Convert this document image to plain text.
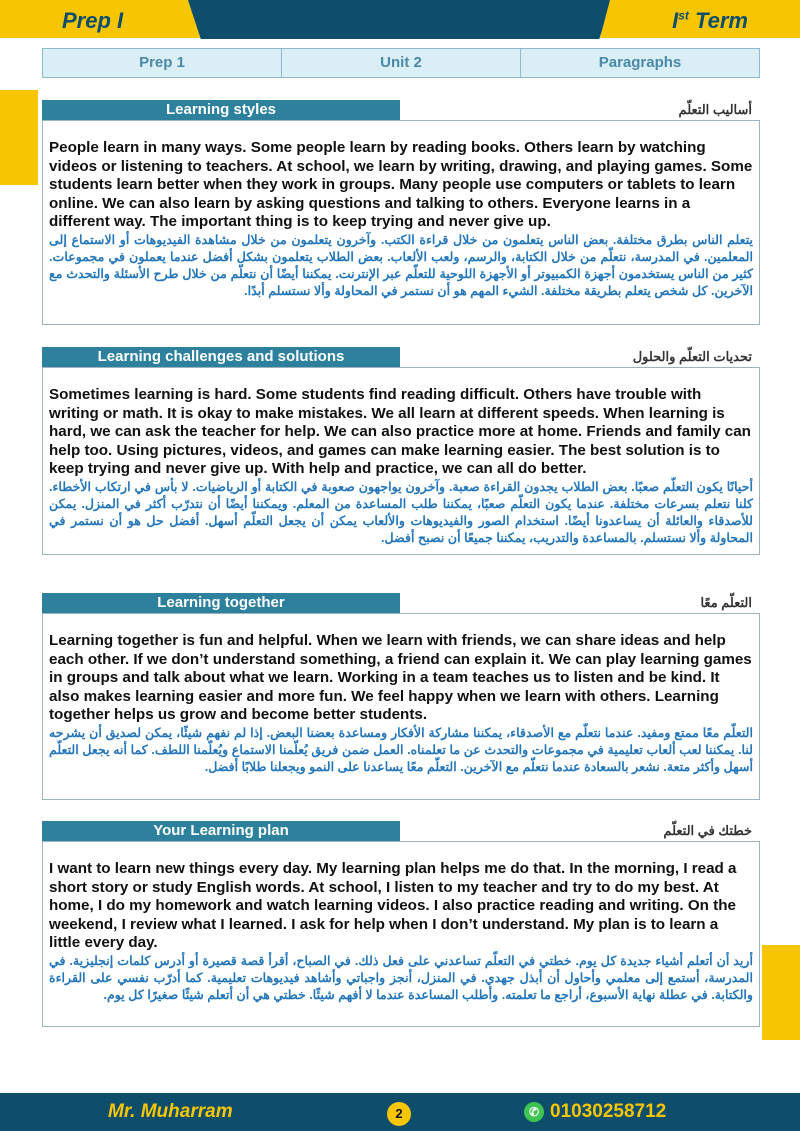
Prep I	Ist Term
Prep 1	Unit 2	Paragraphs
Learning styles	أساليب التعلّم

People learn in many ways. Some people learn by reading books. Others learn by watching videos or listening to teachers. At school, we learn by writing, drawing, and playing games. Some students learn better when they work in groups. Many people use computers or tablets to learn online. We can also learn by asking questions and talking to others. Everyone learns in a different way. The important thing is to keep trying and never give up.

يتعلم الناس بطرق مختلفة. بعض الناس يتعلمون من خلال قراءة الكتب. وآخرون يتعلمون من خلال مشاهدة الفيديوهات أو الاستماع إلى المعلمين. في المدرسة، نتعلّم من خلال الكتابة، والرسم، ولعب الألعاب. بعض الطلاب يتعلمون بشكل أفضل عندما يعملون في مجموعات. كثير من الناس يستخدمون أجهزة الكمبيوتر أو الأجهزة اللوحية للتعلّم عبر الإنترنت. يمكننا أيضًا أن نتعلّم من خلال طرح الأسئلة والتحدث مع الآخرين. كل شخص يتعلم بطريقة مختلفة. الشيء المهم هو أن نستمر في المحاولة وألا نستسلم أبدًا.

Learning challenges and solutions	تحديات التعلّم والحلول

Sometimes learning is hard. Some students find reading difficult. Others have trouble with writing or math. It is okay to make mistakes. We all learn at different speeds. When learning is hard, we can ask the teacher for help. We can also practice more at home. Friends and family can help too. Using pictures, videos, and games can make learning easier. The best solution is to keep trying and never give up. With help and practice, we can all do better.

أحيانًا يكون التعلّم صعبًا. بعض الطلاب يجدون القراءة صعبة. وآخرون يواجهون صعوبة في الكتابة أو الرياضيات. لا بأس في ارتكاب الأخطاء. كلنا نتعلم بسرعات مختلفة. عندما يكون التعلّم صعبًا، يمكننا طلب المساعدة من المعلم. ويمكننا أيضًا أن نتدرّب أكثر في المنزل. يمكن للأصدقاء والعائلة أن يساعدونا أيضًا. استخدام الصور والفيديوهات والألعاب يمكن أن يجعل التعلّم أسهل. أفضل حل هو أن نستمر في المحاولة وألا نستسلم. بالمساعدة والتدريب، يمكننا جميعًا أن نصبح أفضل.

Learning together	التعلّم معًا

Learning together is fun and helpful. When we learn with friends, we can share ideas and help each other. If we don’t understand something, a friend can explain it. We can play learning games in groups and talk about what we learn. Working in a team teaches us to listen and be kind. It also makes learning easier and more fun. We feel happy when we learn with others. Learning together helps us grow and become better students.

التعلّم معًا ممتع ومفيد. عندما نتعلّم مع الأصدقاء، يمكننا مشاركة الأفكار ومساعدة بعضنا البعض. إذا لم نفهم شيئًا، يمكن لصديق أن يشرحه لنا. يمكننا لعب ألعاب تعليمية في مجموعات والتحدث عن ما تعلمناه. العمل ضمن فريق يُعلّمنا الاستماع ويُعلّمنا اللطف. كما أنه يجعل التعلّم أسهل وأكثر متعة. نشعر بالسعادة عندما نتعلّم مع الآخرين. التعلّم معًا يساعدنا على النمو ويجعلنا طلابًا أفضل.

Your Learning plan	خطتك في التعلّم

I want to learn new things every day. My learning plan helps me do that. In the morning, I read a short story or study English words. At school, I listen to my teacher and try to do my best. At home, I do my homework and watch learning videos. I also practice reading and writing. On the weekend, I review what I learned. I ask for help when I don’t understand. My plan is to learn a little every day.

أريد أن أتعلم أشياء جديدة كل يوم. خطتي في التعلّم تساعدني على فعل ذلك. في الصباح، أقرأ قصة قصيرة أو أدرس كلمات إنجليزية. في المدرسة، أستمع إلى معلمي وأحاول أن أبذل جهدي. في المنزل، أنجز واجباتي وأشاهد فيديوهات تعليمية. كما أدرّب نفسي على القراءة والكتابة. في عطلة نهاية الأسبوع، أراجع ما تعلمته. وأطلب المساعدة عندما لا أفهم شيئًا. خطتي هي أن أتعلم شيئًا صغيرًا كل يوم.

Mr. Muharram	2	✆ 01030258712
